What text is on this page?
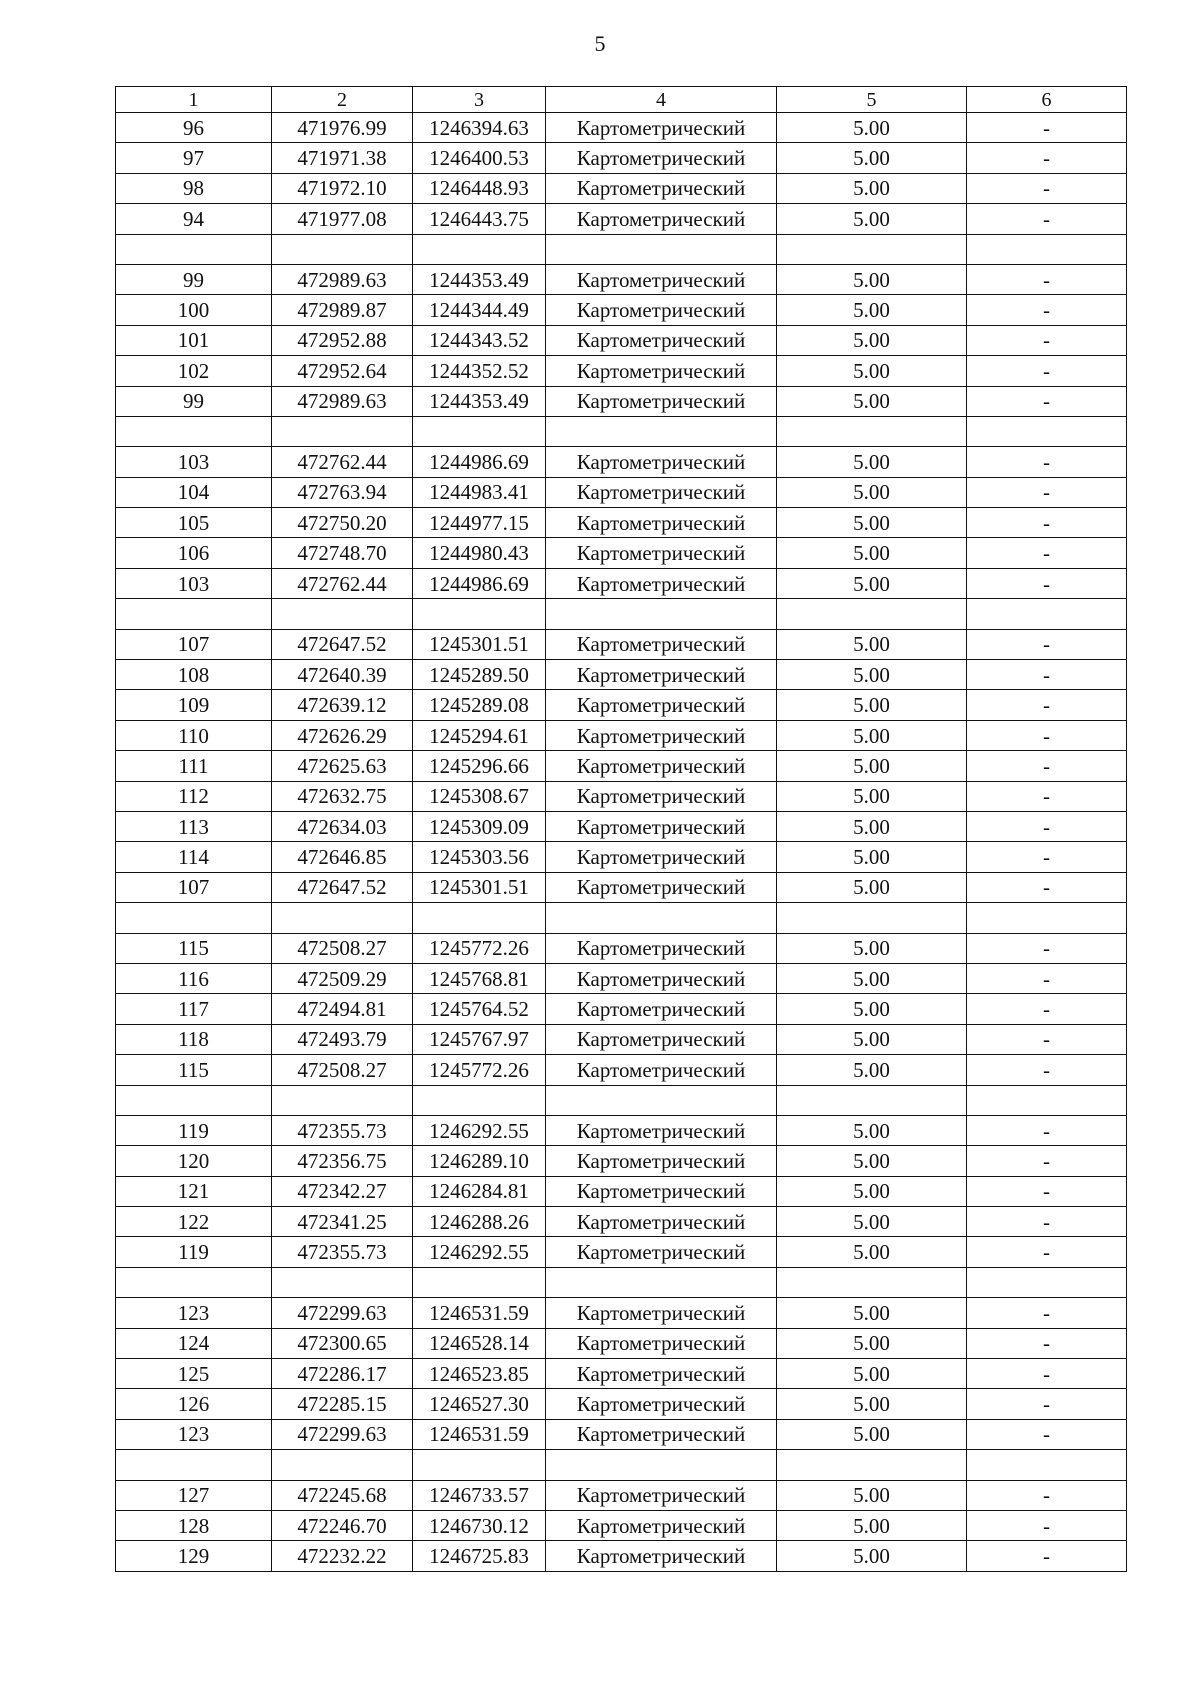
5
1	2	3	4	5	6
96	471976.99	1246394.63	Картометрический	5.00	-
97	471971.38	1246400.53	Картометрический	5.00	-
98	471972.10	1246448.93	Картометрический	5.00	-
94	471977.08	1246443.75	Картометрический	5.00	-

99	472989.63	1244353.49	Картометрический	5.00	-
100	472989.87	1244344.49	Картометрический	5.00	-
101	472952.88	1244343.52	Картометрический	5.00	-
102	472952.64	1244352.52	Картометрический	5.00	-
99	472989.63	1244353.49	Картометрический	5.00	-

103	472762.44	1244986.69	Картометрический	5.00	-
104	472763.94	1244983.41	Картометрический	5.00	-
105	472750.20	1244977.15	Картометрический	5.00	-
106	472748.70	1244980.43	Картометрический	5.00	-
103	472762.44	1244986.69	Картометрический	5.00	-

107	472647.52	1245301.51	Картометрический	5.00	-
108	472640.39	1245289.50	Картометрический	5.00	-
109	472639.12	1245289.08	Картометрический	5.00	-
110	472626.29	1245294.61	Картометрический	5.00	-
111	472625.63	1245296.66	Картометрический	5.00	-
112	472632.75	1245308.67	Картометрический	5.00	-
113	472634.03	1245309.09	Картометрический	5.00	-
114	472646.85	1245303.56	Картометрический	5.00	-
107	472647.52	1245301.51	Картометрический	5.00	-

115	472508.27	1245772.26	Картометрический	5.00	-
116	472509.29	1245768.81	Картометрический	5.00	-
117	472494.81	1245764.52	Картометрический	5.00	-
118	472493.79	1245767.97	Картометрический	5.00	-
115	472508.27	1245772.26	Картометрический	5.00	-

119	472355.73	1246292.55	Картометрический	5.00	-
120	472356.75	1246289.10	Картометрический	5.00	-
121	472342.27	1246284.81	Картометрический	5.00	-
122	472341.25	1246288.26	Картометрический	5.00	-
119	472355.73	1246292.55	Картометрический	5.00	-

123	472299.63	1246531.59	Картометрический	5.00	-
124	472300.65	1246528.14	Картометрический	5.00	-
125	472286.17	1246523.85	Картометрический	5.00	-
126	472285.15	1246527.30	Картометрический	5.00	-
123	472299.63	1246531.59	Картометрический	5.00	-

127	472245.68	1246733.57	Картометрический	5.00	-
128	472246.70	1246730.12	Картометрический	5.00	-
129	472232.22	1246725.83	Картометрический	5.00	-
